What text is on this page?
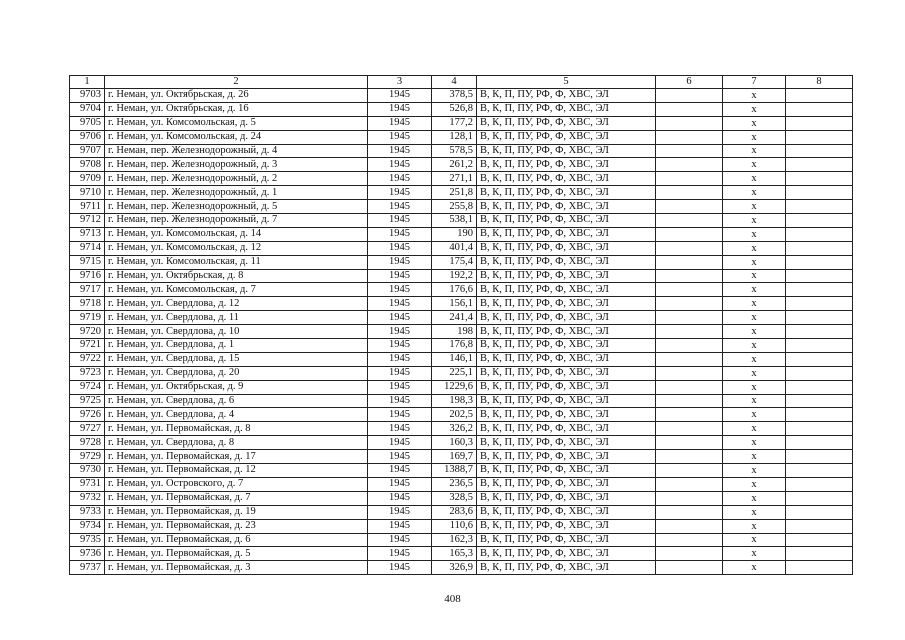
1	2	3	4	5	6	7	8
9703	г. Неман, ул. Октябрьская, д. 26	1945	378,5	В, К, П, ПУ, РФ, Ф, ХВС, ЭЛ		х	
9704	г. Неман, ул. Октябрьская, д. 16	1945	526,8	В, К, П, ПУ, РФ, Ф, ХВС, ЭЛ		х	
9705	г. Неман, ул. Комсомольская, д. 5	1945	177,2	В, К, П, ПУ, РФ, Ф, ХВС, ЭЛ		х	
9706	г. Неман, ул. Комсомольская, д. 24	1945	128,1	В, К, П, ПУ, РФ, Ф, ХВС, ЭЛ		х	
9707	г. Неман, пер. Железнодорожный, д. 4	1945	578,5	В, К, П, ПУ, РФ, Ф, ХВС, ЭЛ		х	
9708	г. Неман, пер. Железнодорожный, д. 3	1945	261,2	В, К, П, ПУ, РФ, Ф, ХВС, ЭЛ		х	
9709	г. Неман, пер. Железнодорожный, д. 2	1945	271,1	В, К, П, ПУ, РФ, Ф, ХВС, ЭЛ		х	
9710	г. Неман, пер. Железнодорожный, д. 1	1945	251,8	В, К, П, ПУ, РФ, Ф, ХВС, ЭЛ		х	
9711	г. Неман, пер. Железнодорожный, д. 5	1945	255,8	В, К, П, ПУ, РФ, Ф, ХВС, ЭЛ		х	
9712	г. Неман, пер. Железнодорожный, д. 7	1945	538,1	В, К, П, ПУ, РФ, Ф, ХВС, ЭЛ		х	
9713	г. Неман, ул. Комсомольская, д. 14	1945	190	В, К, П, ПУ, РФ, Ф, ХВС, ЭЛ		х	
9714	г. Неман, ул. Комсомольская, д. 12	1945	401,4	В, К, П, ПУ, РФ, Ф, ХВС, ЭЛ		х	
9715	г. Неман, ул. Комсомольская, д. 11	1945	175,4	В, К, П, ПУ, РФ, Ф, ХВС, ЭЛ		х	
9716	г. Неман, ул. Октябрьская, д. 8	1945	192,2	В, К, П, ПУ, РФ, Ф, ХВС, ЭЛ		х	
9717	г. Неман, ул. Комсомольская, д. 7	1945	176,6	В, К, П, ПУ, РФ, Ф, ХВС, ЭЛ		х	
9718	г. Неман, ул. Свердлова, д. 12	1945	156,1	В, К, П, ПУ, РФ, Ф, ХВС, ЭЛ		х	
9719	г. Неман, ул. Свердлова, д. 11	1945	241,4	В, К, П, ПУ, РФ, Ф, ХВС, ЭЛ		х	
9720	г. Неман, ул. Свердлова, д. 10	1945	198	В, К, П, ПУ, РФ, Ф, ХВС, ЭЛ		х	
9721	г. Неман, ул. Свердлова, д. 1	1945	176,8	В, К, П, ПУ, РФ, Ф, ХВС, ЭЛ		х	
9722	г. Неман, ул. Свердлова, д. 15	1945	146,1	В, К, П, ПУ, РФ, Ф, ХВС, ЭЛ		х	
9723	г. Неман, ул. Свердлова, д. 20	1945	225,1	В, К, П, ПУ, РФ, Ф, ХВС, ЭЛ		х	
9724	г. Неман, ул. Октябрьская, д. 9	1945	1229,6	В, К, П, ПУ, РФ, Ф, ХВС, ЭЛ		х	
9725	г. Неман, ул. Свердлова, д. 6	1945	198,3	В, К, П, ПУ, РФ, Ф, ХВС, ЭЛ		х	
9726	г. Неман, ул. Свердлова, д. 4	1945	202,5	В, К, П, ПУ, РФ, Ф, ХВС, ЭЛ		х	
9727	г. Неман, ул. Первомайская, д. 8	1945	326,2	В, К, П, ПУ, РФ, Ф, ХВС, ЭЛ		х	
9728	г. Неман, ул. Свердлова, д. 8	1945	160,3	В, К, П, ПУ, РФ, Ф, ХВС, ЭЛ		х	
9729	г. Неман, ул. Первомайская, д. 17	1945	169,7	В, К, П, ПУ, РФ, Ф, ХВС, ЭЛ		х	
9730	г. Неман, ул. Первомайская, д. 12	1945	1388,7	В, К, П, ПУ, РФ, Ф, ХВС, ЭЛ		х	
9731	г. Неман, ул. Островского, д. 7	1945	236,5	В, К, П, ПУ, РФ, Ф, ХВС, ЭЛ		х	
9732	г. Неман, ул. Первомайская, д. 7	1945	328,5	В, К, П, ПУ, РФ, Ф, ХВС, ЭЛ		х	
9733	г. Неман, ул. Первомайская, д. 19	1945	283,6	В, К, П, ПУ, РФ, Ф, ХВС, ЭЛ		х	
9734	г. Неман, ул. Первомайская, д. 23	1945	110,6	В, К, П, ПУ, РФ, Ф, ХВС, ЭЛ		х	
9735	г. Неман, ул. Первомайская, д. 6	1945	162,3	В, К, П, ПУ, РФ, Ф, ХВС, ЭЛ		х	
9736	г. Неман, ул. Первомайская, д. 5	1945	165,3	В, К, П, ПУ, РФ, Ф, ХВС, ЭЛ		х	
9737	г. Неман, ул. Первомайская, д. 3	1945	326,9	В, К, П, ПУ, РФ, Ф, ХВС, ЭЛ		х	
408
